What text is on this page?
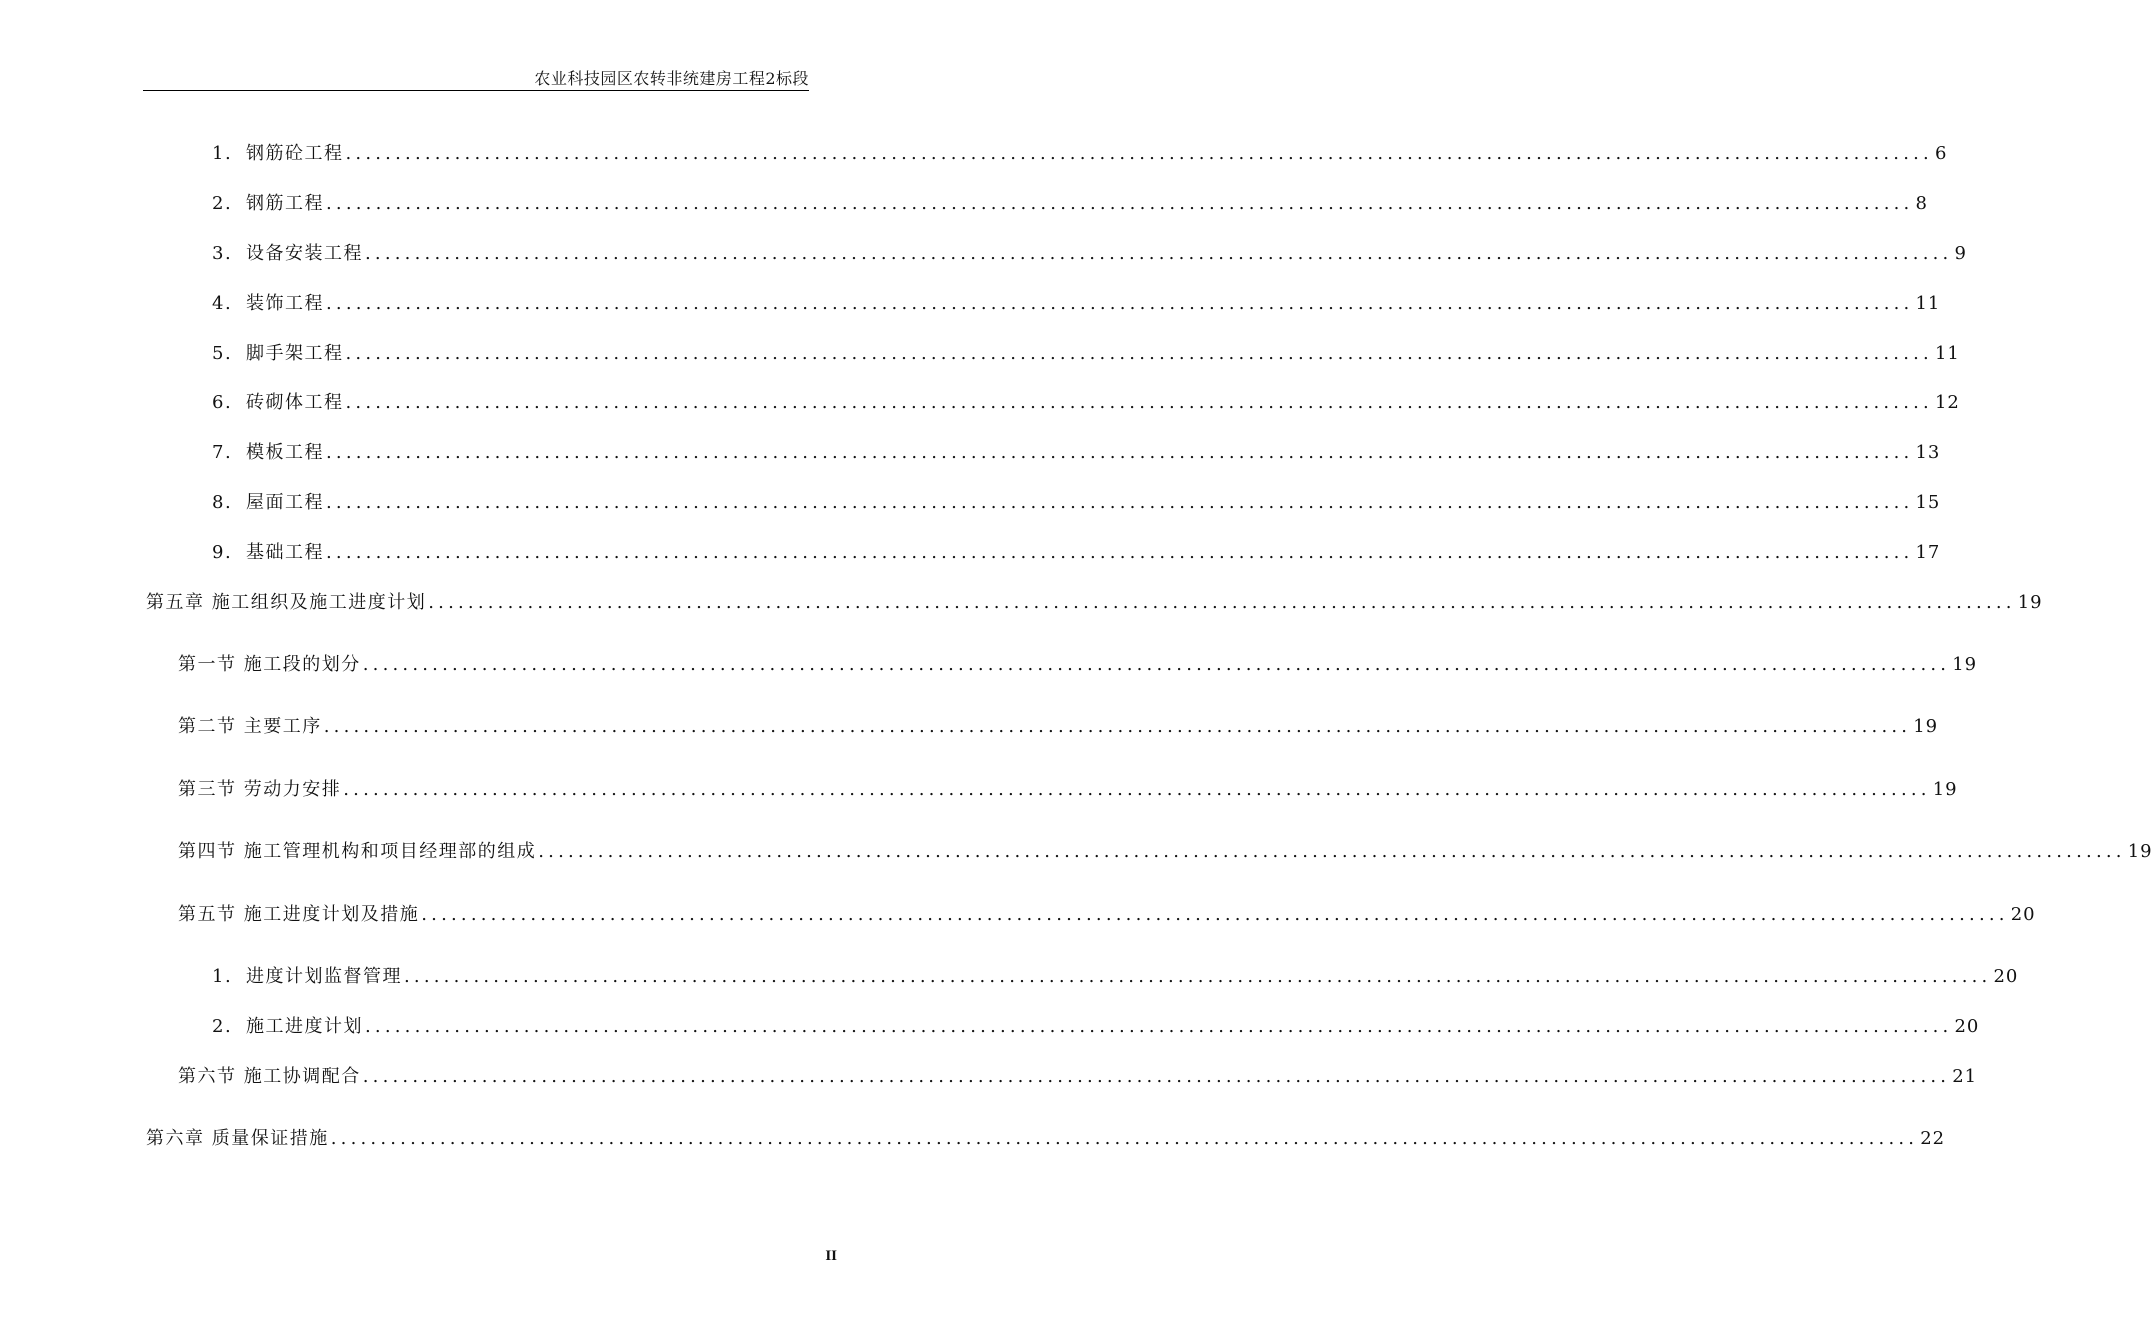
农业科技园区农转非统建房工程2标段
1. 钢筋砼工程 ................................................................................................................................................................ 6
2. 钢筋工程 ................................................................................................................................................................ 8
3. 设备安装工程 ................................................................................................................................................................ 9
4. 装饰工程 ................................................................................................................................................................ 11
5. 脚手架工程 ................................................................................................................................................................ 11
6. 砖砌体工程 ................................................................................................................................................................ 12
7. 模板工程 ................................................................................................................................................................ 13
8. 屋面工程 ................................................................................................................................................................ 15
9. 基础工程 ................................................................................................................................................................ 17
第五章 施工组织及施工进度计划 ................................................................................................................................................................ 19
第一节 施工段的划分 ................................................................................................................................................................ 19
第二节 主要工序 ................................................................................................................................................................ 19
第三节 劳动力安排 ................................................................................................................................................................ 19
第四节 施工管理机构和项目经理部的组成 ................................................................................................................................................................ 19
第五节 施工进度计划及措施 ................................................................................................................................................................ 20
1. 进度计划监督管理 ................................................................................................................................................................ 20
2. 施工进度计划 ................................................................................................................................................................ 20
第六节 施工协调配合 ................................................................................................................................................................ 21
第六章 质量保证措施 ................................................................................................................................................................ 22
II
